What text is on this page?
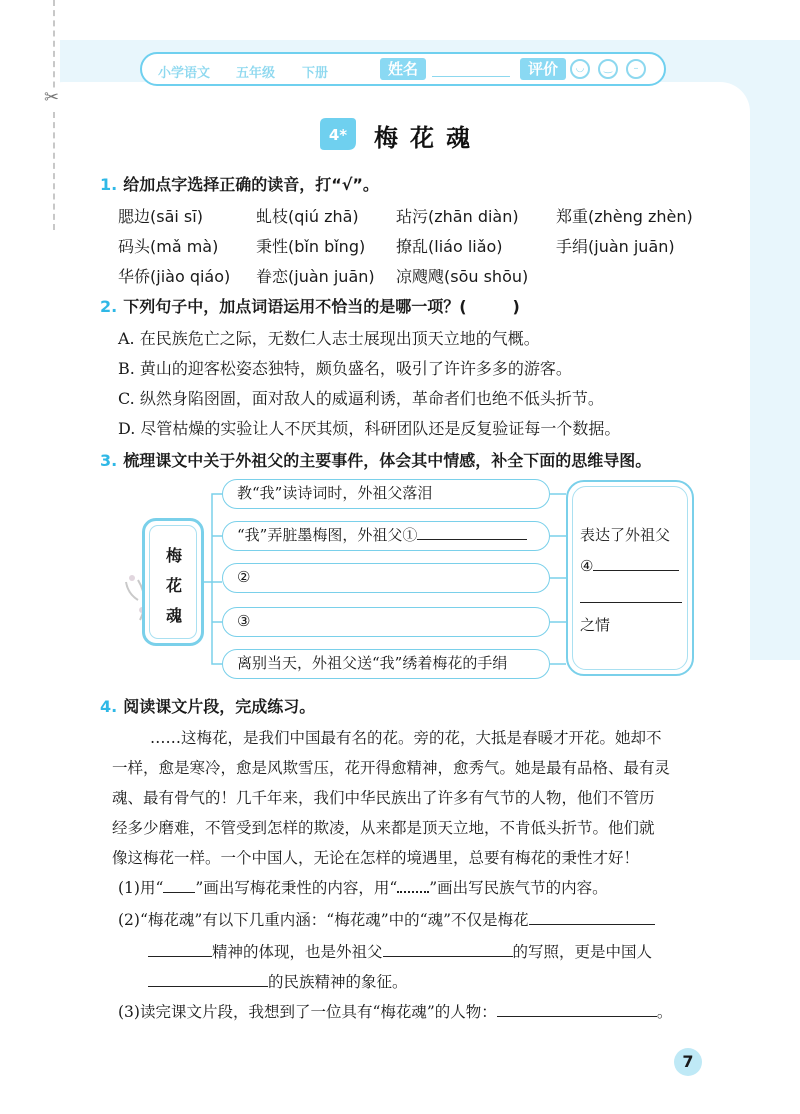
✂
小学语文 五年级 下册	姓名	评价	◡	‿	–
4* 梅花魂
1. 给加点字选择正确的读音，打“√”。
腮边(sāi sī)	虬枝(qiú zhā) 玷污(zhān diàn) 郑重(zhèng zhèn)
码头(mǎ mà) 秉性(bǐn bǐng) 撩乱(liáo liǎo)	手绢(juàn juān)
华侨(jiào qiáo) 眷恋(juàn juān) 凉飕飕(sōu shōu)
2. 下列句子中，加点词语运用不恰当的是哪一项？(	)
A. 在民族危亡之际，无数仁人志士展现出顶天立地的气概。
B. 黄山的迎客松姿态独特，颇负盛名，吸引了许许多多的游客。
C. 纵然身陷囹圄，面对敌人的威逼利诱，革命者们也绝不低头折节。
D. 尽管枯燥的实验让人不厌其烦，科研团队还是反复验证每一个数据。
3. 梳理课文中关于外祖父的主要事件，体会其中情感，补全下面的思维导图。
梅
花
魂
教“我”读诗词时，外祖父落泪
“我”弄脏墨梅图，外祖父①
②
③
离别当天，外祖父送“我”绣着梅花的手绢
表达了外祖父
④
之情
4. 阅读课文片段，完成练习。
……这梅花，是我们中国最有名的花。旁的花，大抵是春暖才开花。她却不
一样，愈是寒冷，愈是风欺雪压，花开得愈精神，愈秀气。她是最有品格、最有灵
魂、最有骨气的！几千年来，我们中华民族出了许多有气节的人物，他们不管历
经多少磨难，不管受到怎样的欺凌，从来都是顶天立地，不肯低头折节。他们就
像这梅花一样。一个中国人，无论在怎样的境遇里，总要有梅花的秉性才好！
(1)用“ ”画出写梅花秉性的内容，用“ ”画出写民族气节的内容。
(2)“梅花魂”有以下几重内涵：“梅花魂”中的“魂”不仅是梅花
精神的体现，也是外祖父	的写照，更是中国人
的民族精神的象征。
(3)读完课文片段，我想到了一位具有“梅花魂”的人物：	。
7
